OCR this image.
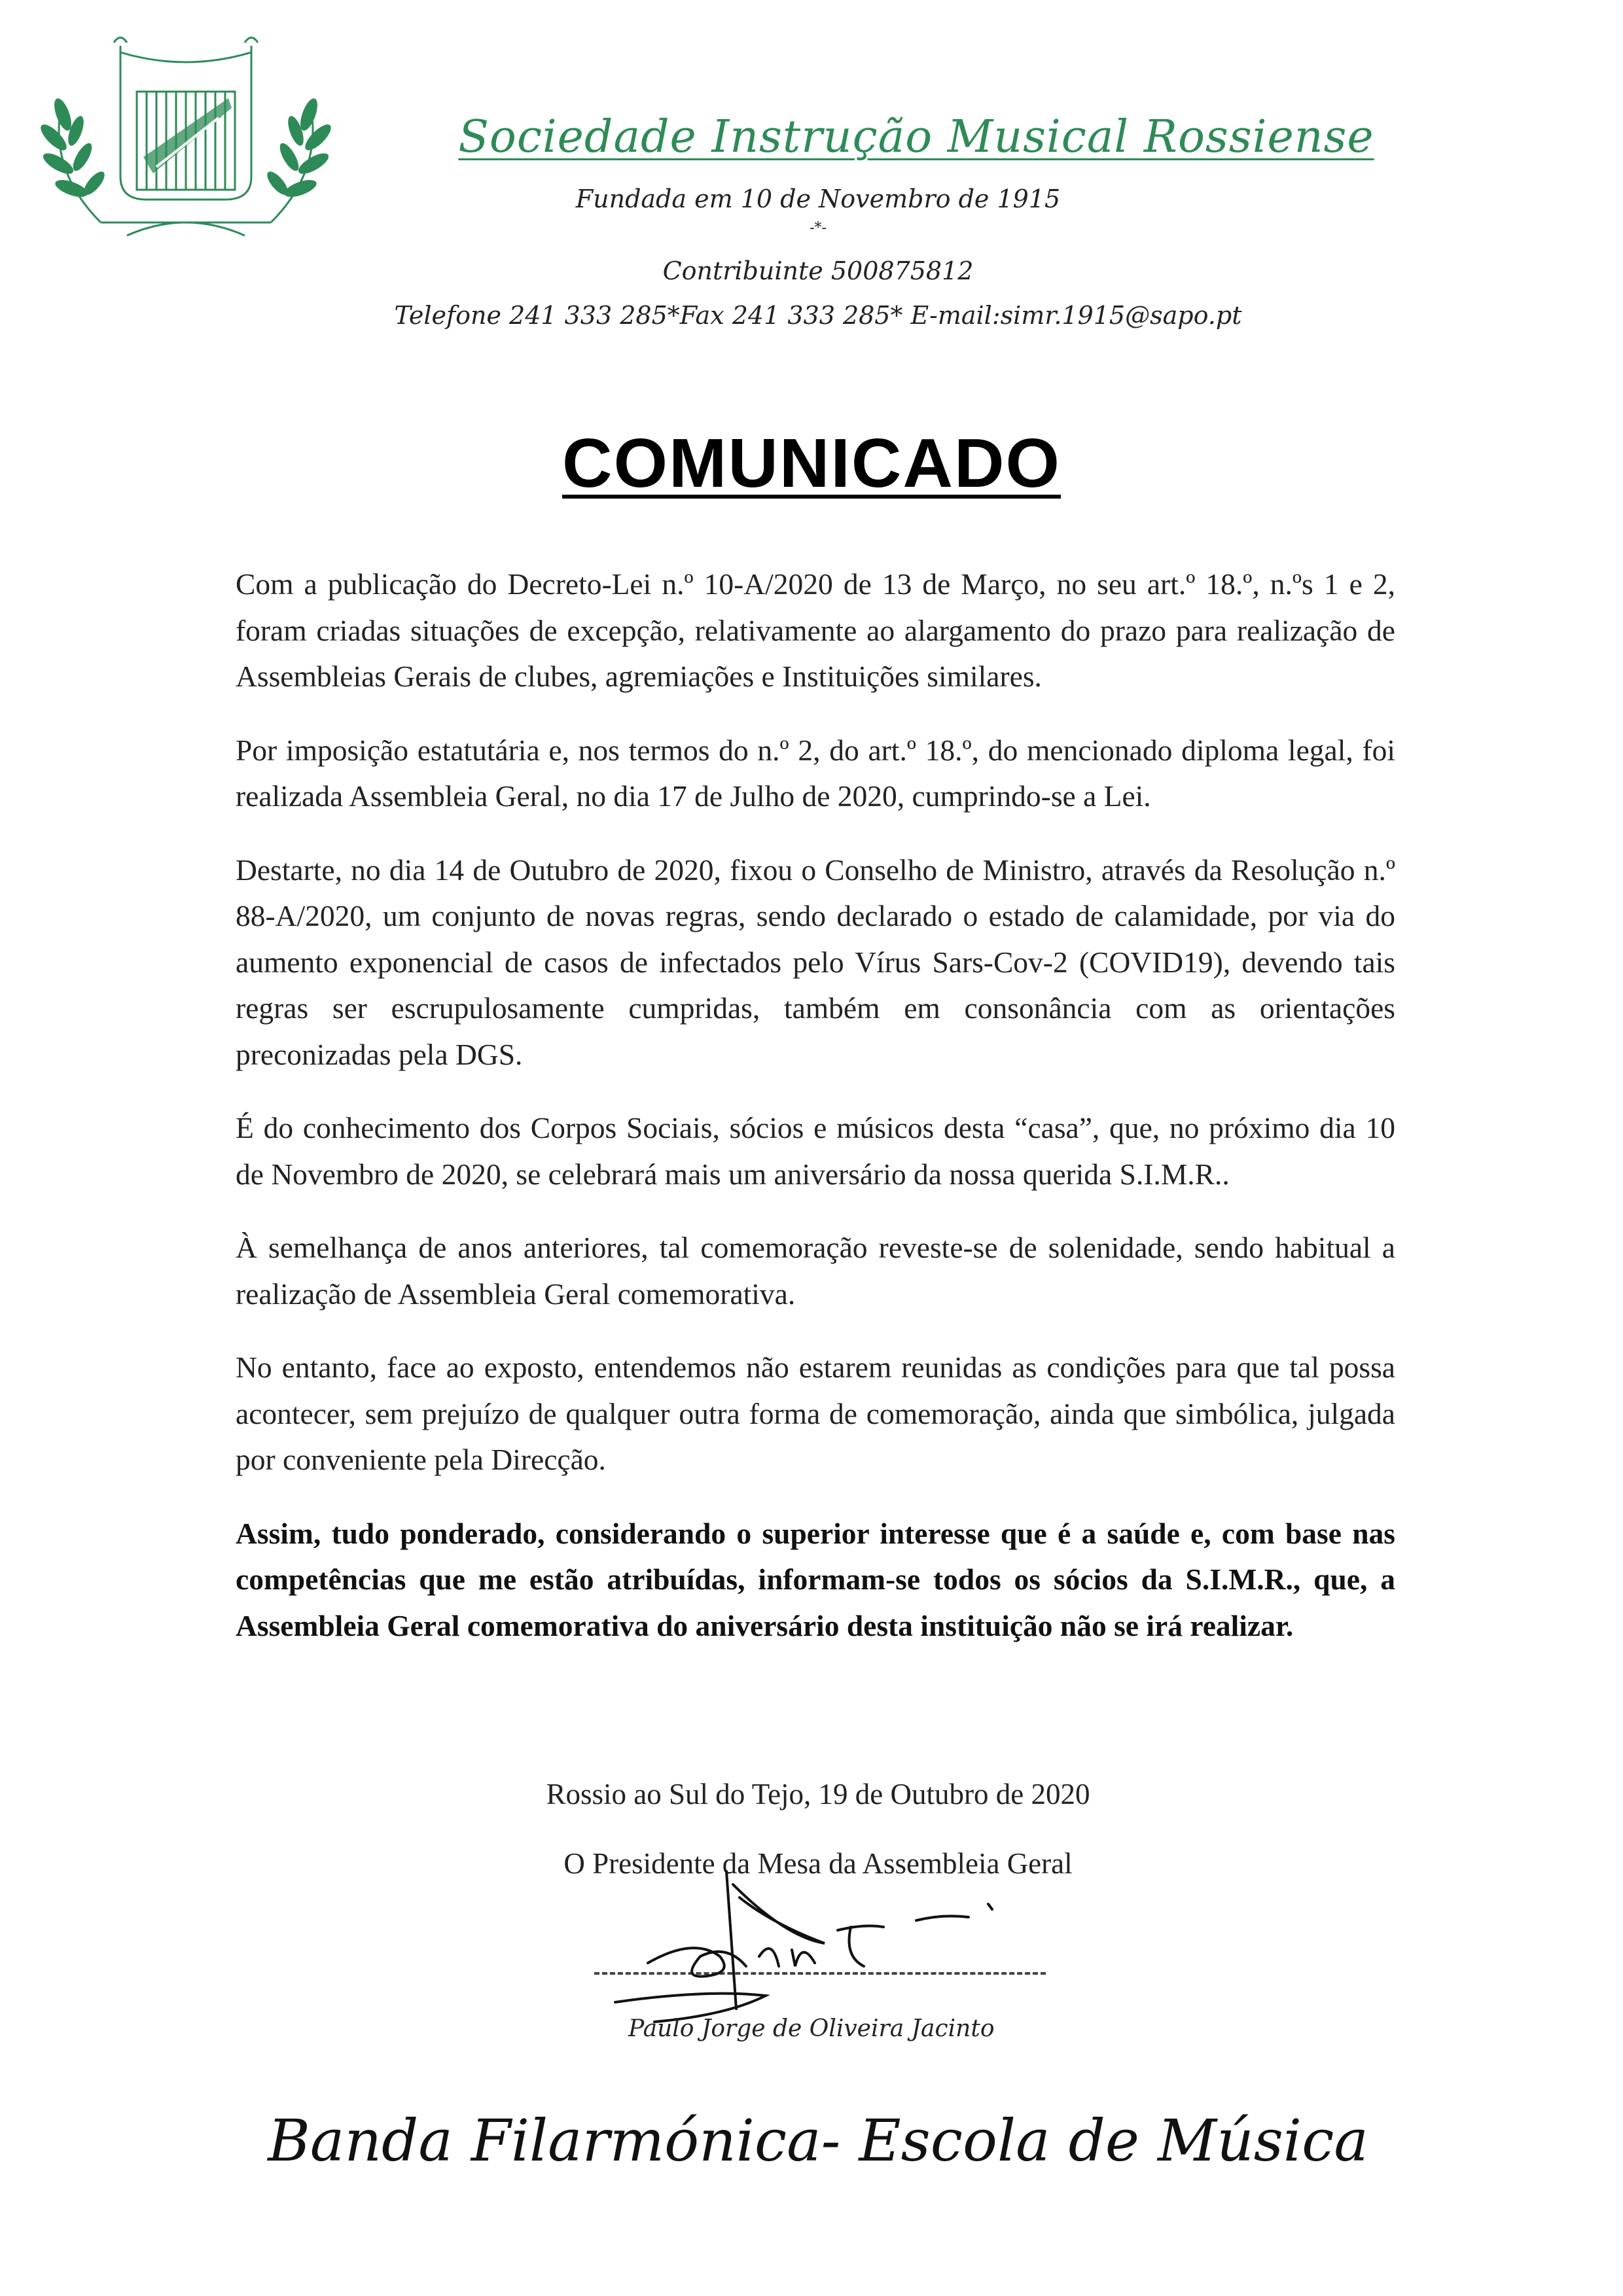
Sociedade Instrução Musical Rossiense
Fundada em 10 de Novembro de 1915
-*-
Contribuinte 500875812
Telefone 241 333 285*Fax 241 333 285* E-mail:simr.1915@sapo.pt
COMUNICADO

Com a publicação do Decreto-Lei n.º 10-A/2020 de 13 de Março, no seu art.º 18.º, n.ºs 1 e 2, foram criadas situações de excepção, relativamente ao alargamento do prazo para realização de Assembleias Gerais de clubes, agremiações e Instituições similares.

Por imposição estatutária e, nos termos do n.º 2, do art.º 18.º, do mencionado diploma legal, foi realizada Assembleia Geral, no dia 17 de Julho de 2020, cumprindo-se a Lei.

Destarte, no dia 14 de Outubro de 2020, fixou o Conselho de Ministro, através da Resolução n.º 88-A/2020, um conjunto de novas regras, sendo declarado o estado de calamidade, por via do aumento exponencial de casos de infectados pelo Vírus Sars-Cov-2 (COVID19), devendo tais regras ser escrupulosamente cumpridas, também em consonância com as orientações preconizadas pela DGS.

É do conhecimento dos Corpos Sociais, sócios e músicos desta “casa”, que, no próximo dia 10 de Novembro de 2020, se celebrará mais um aniversário da nossa querida S.I.M.R..

À semelhança de anos anteriores, tal comemoração reveste-se de solenidade, sendo habitual a realização de Assembleia Geral comemorativa.

No entanto, face ao exposto, entendemos não estarem reunidas as condições para que tal possa acontecer, sem prejuízo de qualquer outra forma de comemoração, ainda que simbólica, julgada por conveniente pela Direcção.

Assim, tudo ponderado, considerando o superior interesse que é a saúde e, com base nas competências que me estão atribuídas, informam-se todos os sócios da S.I.M.R., que, a Assembleia Geral comemorativa do aniversário desta instituição não se irá realizar.

Rossio ao Sul do Tejo, 19 de Outubro de 2020
O Presidente da Mesa da Assembleia Geral
Paulo Jorge de Oliveira Jacinto
Banda Filarmónica- Escola de Música
